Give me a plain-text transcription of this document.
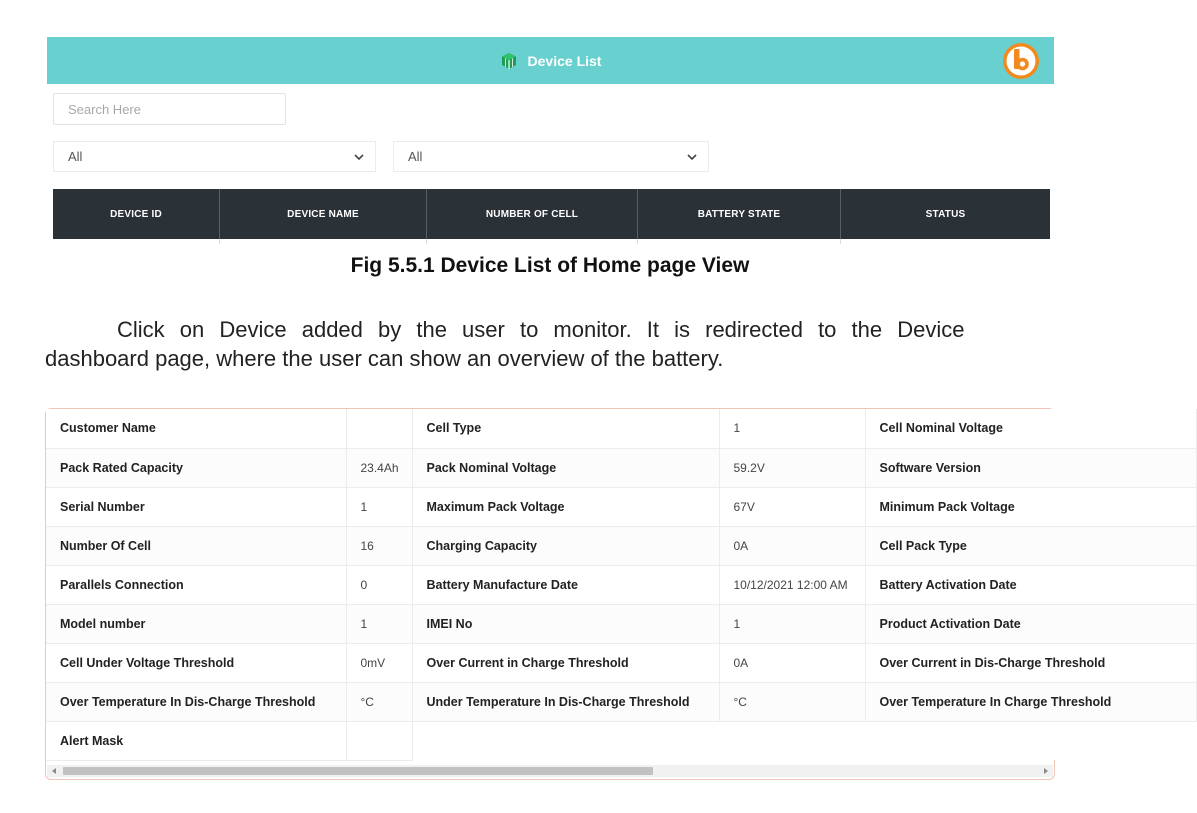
Device List
Search Here
All	All
DEVICE ID	DEVICE NAME	NUMBER OF CELL	BATTERY STATE	STATUS
Fig 5.5.1 Device List of Home page View
Click on Device added by the user to monitor. It is redirected to the Device
dashboard page, where the user can show an overview of the battery.
Customer Name		Cell Type	1	Cell Nominal Voltage
Pack Rated Capacity	23.4Ah	Pack Nominal Voltage	59.2V	Software Version
Serial Number	1	Maximum Pack Voltage	67V	Minimum Pack Voltage
Number Of Cell	16	Charging Capacity	0A	Cell Pack Type
Parallels Connection	0	Battery Manufacture Date	10/12/2021 12:00 AM	Battery Activation Date
Model number	1	IMEI No	1	Product Activation Date
Cell Under Voltage Threshold	0mV	Over Current in Charge Threshold	0A	Over Current in Dis-Charge Threshold
Over Temperature In Dis-Charge Threshold	°C	Under Temperature In Dis-Charge Threshold	°C	Over Temperature In Charge Threshold
Alert Mask				
